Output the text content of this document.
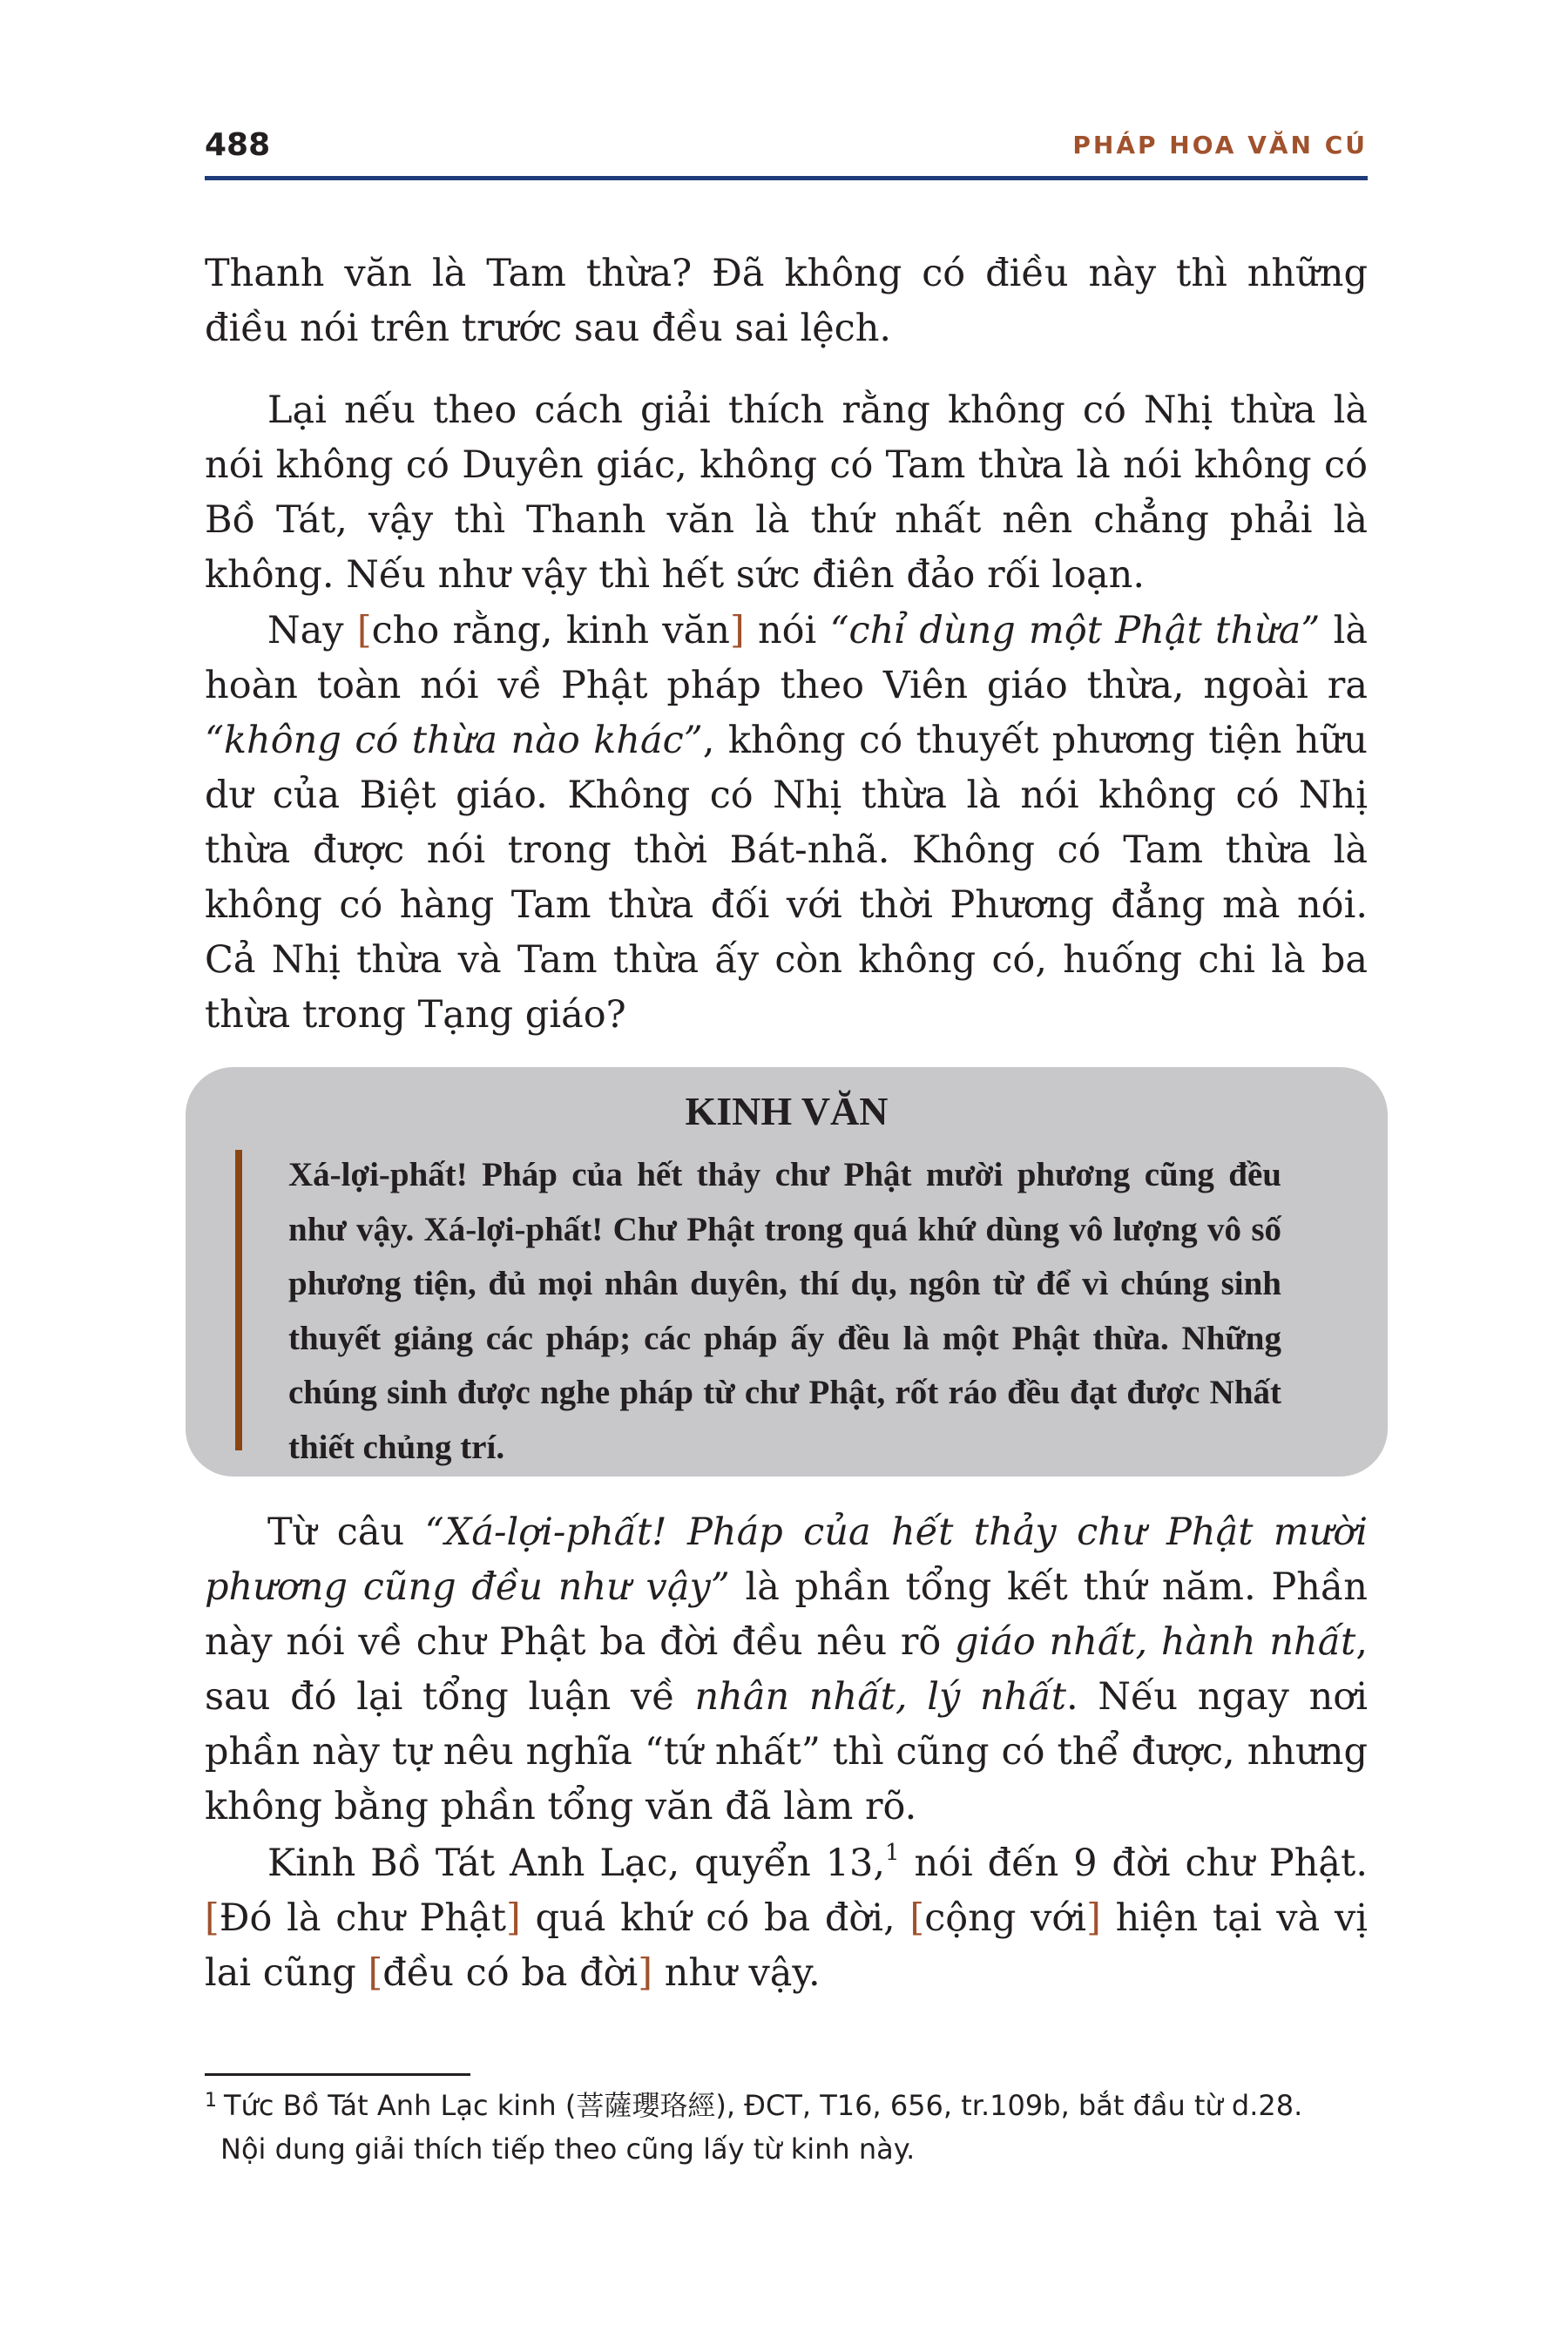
488	PHÁP HOA VĂN CÚ

Thanh văn là Tam thừa? Đã không có điều này thì những điều nói trên trước sau đều sai lệch.

Lại nếu theo cách giải thích rằng không có Nhị thừa là nói không có Duyên giác, không có Tam thừa là nói không có Bồ Tát, vậy thì Thanh văn là thứ nhất nên chẳng phải là không. Nếu như vậy thì hết sức điên đảo rối loạn.

Nay [cho rằng, kinh văn] nói “chỉ dùng một Phật thừa” là hoàn toàn nói về Phật pháp theo Viên giáo thừa, ngoài ra “không có thừa nào khác”, không có thuyết phương tiện hữu dư của Biệt giáo. Không có Nhị thừa là nói không có Nhị thừa được nói trong thời Bát-nhã. Không có Tam thừa là không có hàng Tam thừa đối với thời Phương đẳng mà nói. Cả Nhị thừa và Tam thừa ấy còn không có, huống chi là ba thừa trong Tạng giáo?

KINH VĂN
Xá-lợi-phất! Pháp của hết thảy chư Phật mười phương cũng đều như vậy. Xá-lợi-phất! Chư Phật trong quá khứ dùng vô lượng vô số phương tiện, đủ mọi nhân duyên, thí dụ, ngôn từ để vì chúng sinh thuyết giảng các pháp; các pháp ấy đều là một Phật thừa. Những chúng sinh được nghe pháp từ chư Phật, rốt ráo đều đạt được Nhất thiết chủng trí.

Từ câu “Xá-lợi-phất! Pháp của hết thảy chư Phật mười phương cũng đều như vậy” là phần tổng kết thứ năm. Phần này nói về chư Phật ba đời đều nêu rõ giáo nhất, hành nhất, sau đó lại tổng luận về nhân nhất, lý nhất. Nếu ngay nơi phần này tự nêu nghĩa “tứ nhất” thì cũng có thể được, nhưng không bằng phần tổng văn đã làm rõ.

Kinh Bồ Tát Anh Lạc, quyển 13,$^1$ nói đến 9 đời chư Phật. [Đó là chư Phật] quá khứ có ba đời, [cộng với] hiện tại và vị lai cũng [đều có ba đời] như vậy.

$^1$ Tức Bồ Tát Anh Lạc kinh (菩薩瓔珞經), ĐCT, T16, 656, tr.109b, bắt đầu từ d.28.
Nội dung giải thích tiếp theo cũng lấy từ kinh này.
